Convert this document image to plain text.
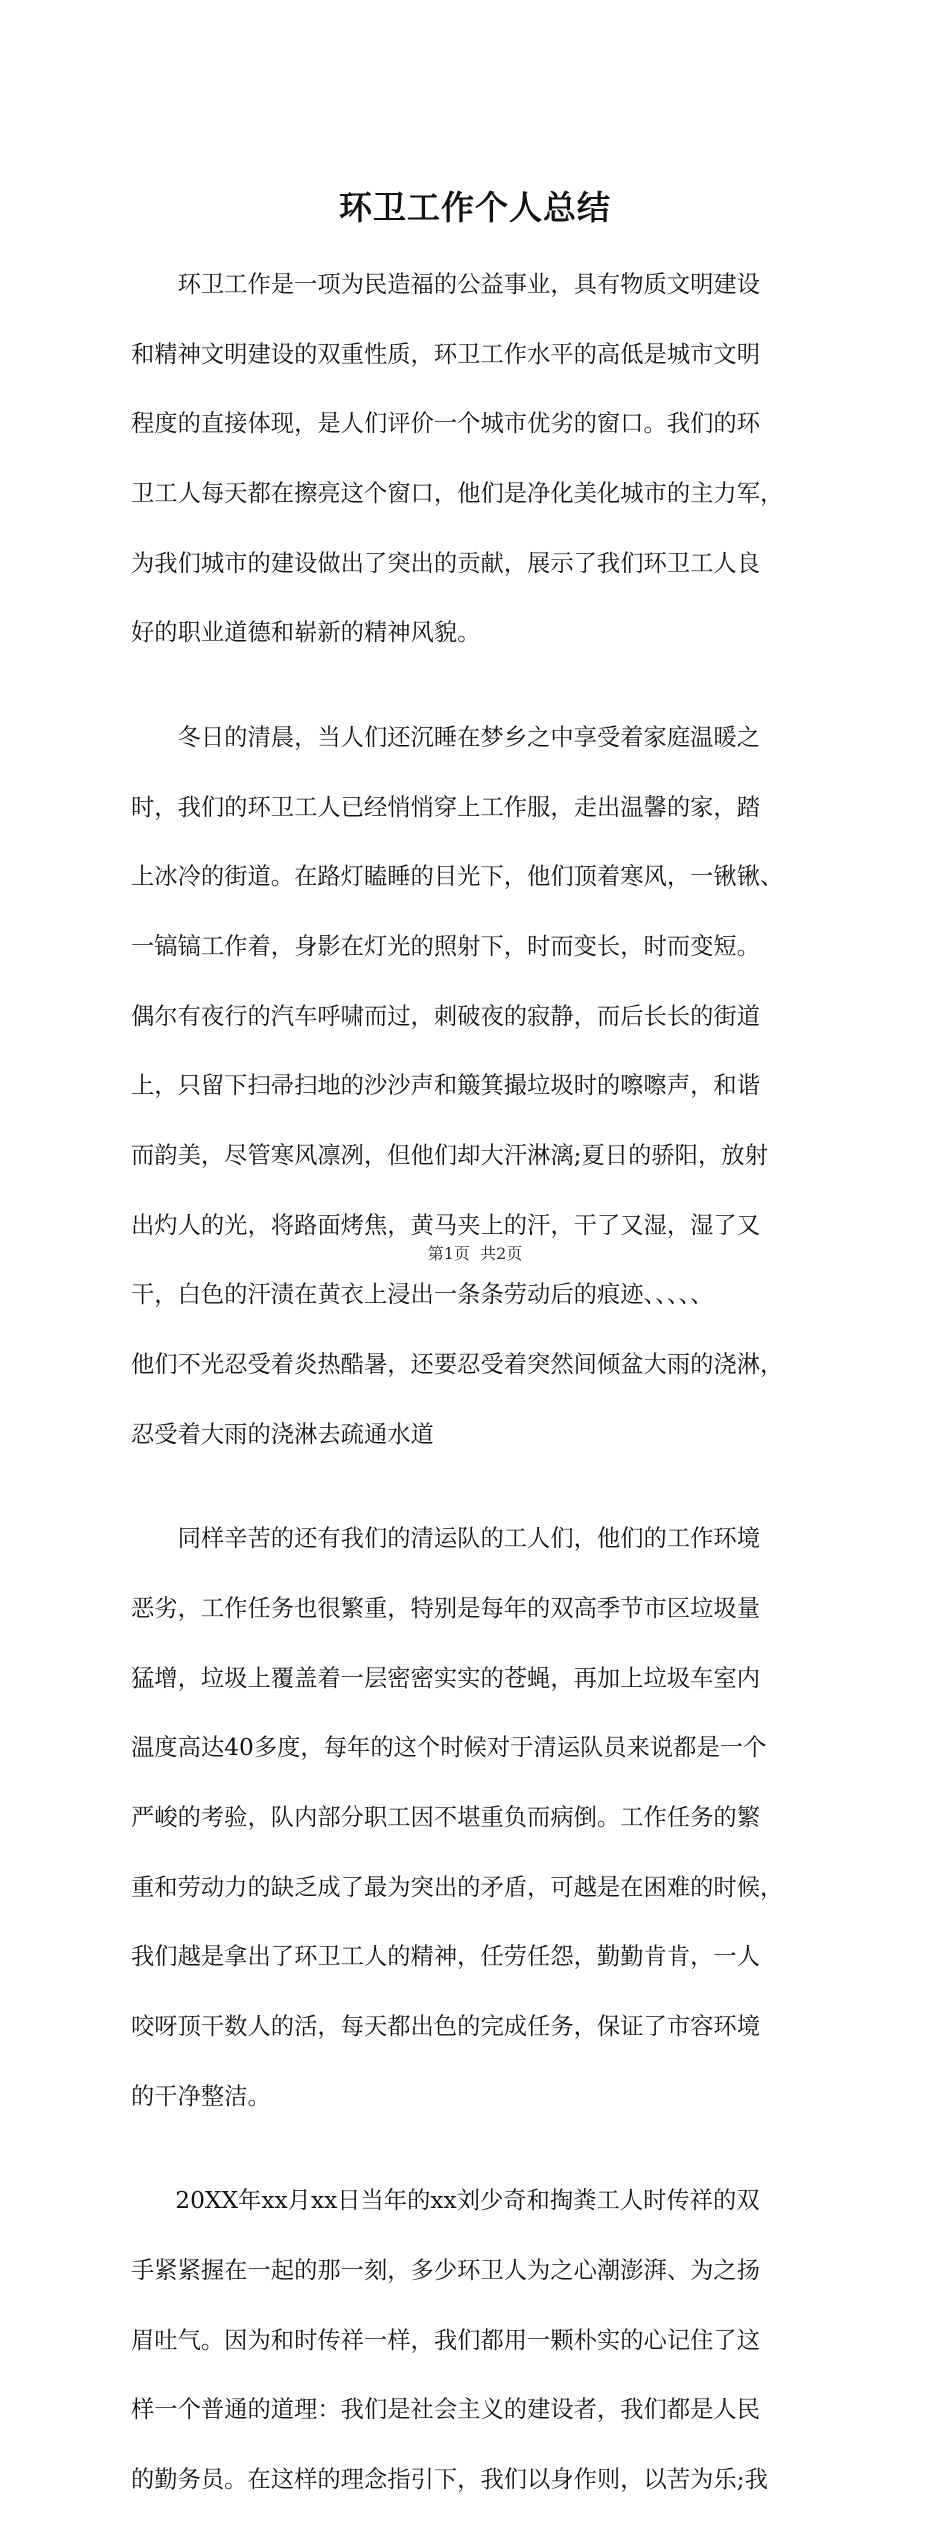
环卫工作个人总结

环卫工作是一项为民造福的公益事业，具有物质文明建设

和精神文明建设的双重性质，环卫工作水平的高低是城市文明

程度的直接体现，是人们评价一个城市优劣的窗口。我们的环

卫工人每天都在擦亮这个窗口，他们是净化美化城市的主力军，

为我们城市的建设做出了突出的贡献，展示了我们环卫工人良

好的职业道德和崭新的精神风貌。

冬日的清晨，当人们还沉睡在梦乡之中享受着家庭温暖之

时，我们的环卫工人已经悄悄穿上工作服，走出温馨的家，踏

上冰冷的街道。在路灯瞌睡的目光下，他们顶着寒风，一锹锹、

一镐镐工作着，身影在灯光的照射下，时而变长，时而变短。

偶尔有夜行的汽车呼啸而过，刺破夜的寂静，而后长长的街道

上，只留下扫帚扫地的沙沙声和簸箕撮垃圾时的嚓嚓声，和谐

而韵美，尽管寒风凛冽，但他们却大汗淋漓;夏日的骄阳，放射

出灼人的光，将路面烤焦，黄马夹上的汗，干了又湿，湿了又

干，白色的汗渍在黄衣上浸出一条条劳动后的痕迹、、、、、

他们不光忍受着炎热酷暑，还要忍受着突然间倾盆大雨的浇淋，

忍受着大雨的浇淋去疏通水道

同样辛苦的还有我们的清运队的工人们，他们的工作环境

恶劣，工作任务也很繁重，特别是每年的双高季节市区垃圾量

猛增，垃圾上覆盖着一层密密实实的苍蝇，再加上垃圾车室内

温度高达40多度，每年的这个时候对于清运队员来说都是一个

严峻的考验，队内部分职工因不堪重负而病倒。工作任务的繁

重和劳动力的缺乏成了最为突出的矛盾，可越是在困难的时候，

我们越是拿出了环卫工人的精神，任劳任怨，勤勤肯肯，一人

咬呀顶干数人的活，每天都出色的完成任务，保证了市容环境

的干净整洁。

20XX年xx月xx日当年的xx刘少奇和掏粪工人时传祥的双

手紧紧握在一起的那一刻，多少环卫人为之心潮澎湃、为之扬

眉吐气。因为和时传祥一样，我们都用一颗朴实的心记住了这

样一个普通的道理：我们是社会主义的建设者，我们都是人民

的勤务员。在这样的理念指引下，我们以身作则，以苦为乐;我

第1页 共2页
